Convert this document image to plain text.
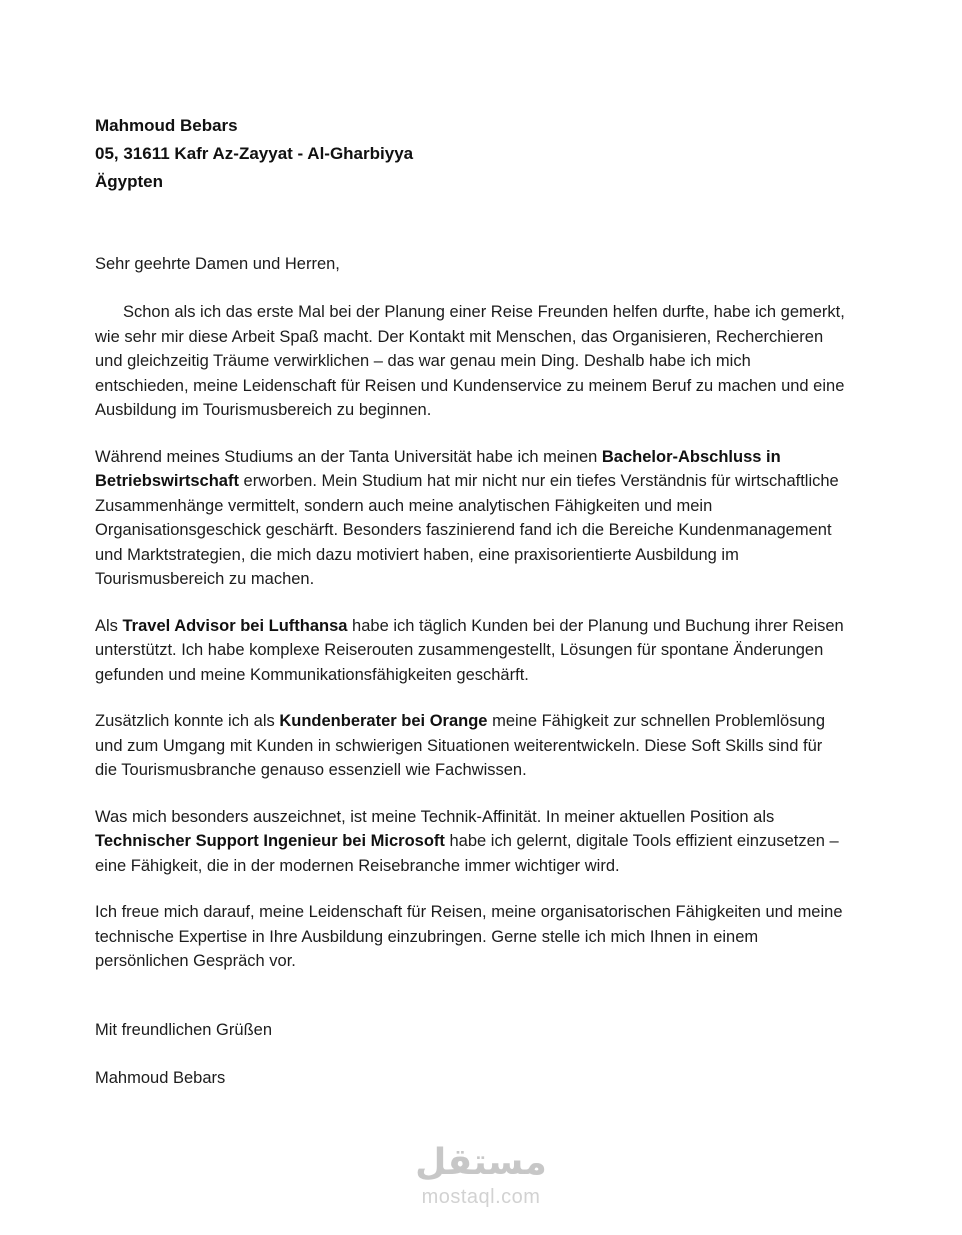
Mahmoud Bebars
05, 31611 Kafr Az-Zayyat - Al-Gharbiyya
Ägypten
Sehr geehrte Damen und Herren,

Schon als ich das erste Mal bei der Planung einer Reise Freunden helfen durfte, habe ich gemerkt, wie sehr mir diese Arbeit Spaß macht. Der Kontakt mit Menschen, das Organisieren, Recherchieren und gleichzeitig Träume verwirklichen – das war genau mein Ding. Deshalb habe ich mich entschieden, meine Leidenschaft für Reisen und Kundenservice zu meinem Beruf zu machen und eine Ausbildung im Tourismusbereich zu beginnen.

Während meines Studiums an der Tanta Universität habe ich meinen Bachelor-Abschluss in Betriebswirtschaft erworben. Mein Studium hat mir nicht nur ein tiefes Verständnis für wirtschaftliche Zusammenhänge vermittelt, sondern auch meine analytischen Fähigkeiten und mein Organisationsgeschick geschärft. Besonders faszinierend fand ich die Bereiche Kundenmanagement und Marktstrategien, die mich dazu motiviert haben, eine praxisorientierte Ausbildung im Tourismusbereich zu machen.

Als Travel Advisor bei Lufthansa habe ich täglich Kunden bei der Planung und Buchung ihrer Reisen unterstützt. Ich habe komplexe Reiserouten zusammengestellt, Lösungen für spontane Änderungen gefunden und meine Kommunikationsfähigkeiten geschärft.

Zusätzlich konnte ich als Kundenberater bei Orange meine Fähigkeit zur schnellen Problemlösung und zum Umgang mit Kunden in schwierigen Situationen weiterentwickeln. Diese Soft Skills sind für die Tourismusbranche genauso essenziell wie Fachwissen.

Was mich besonders auszeichnet, ist meine Technik-Affinität. In meiner aktuellen Position als Technischer Support Ingenieur bei Microsoft habe ich gelernt, digitale Tools effizient einzusetzen – eine Fähigkeit, die in der modernen Reisebranche immer wichtiger wird.

Ich freue mich darauf, meine Leidenschaft für Reisen, meine organisatorischen Fähigkeiten und meine technische Expertise in Ihre Ausbildung einzubringen. Gerne stelle ich mich Ihnen in einem persönlichen Gespräch vor.

Mit freundlichen Grüßen
Mahmoud Bebars
مستقل
mostaql.com
